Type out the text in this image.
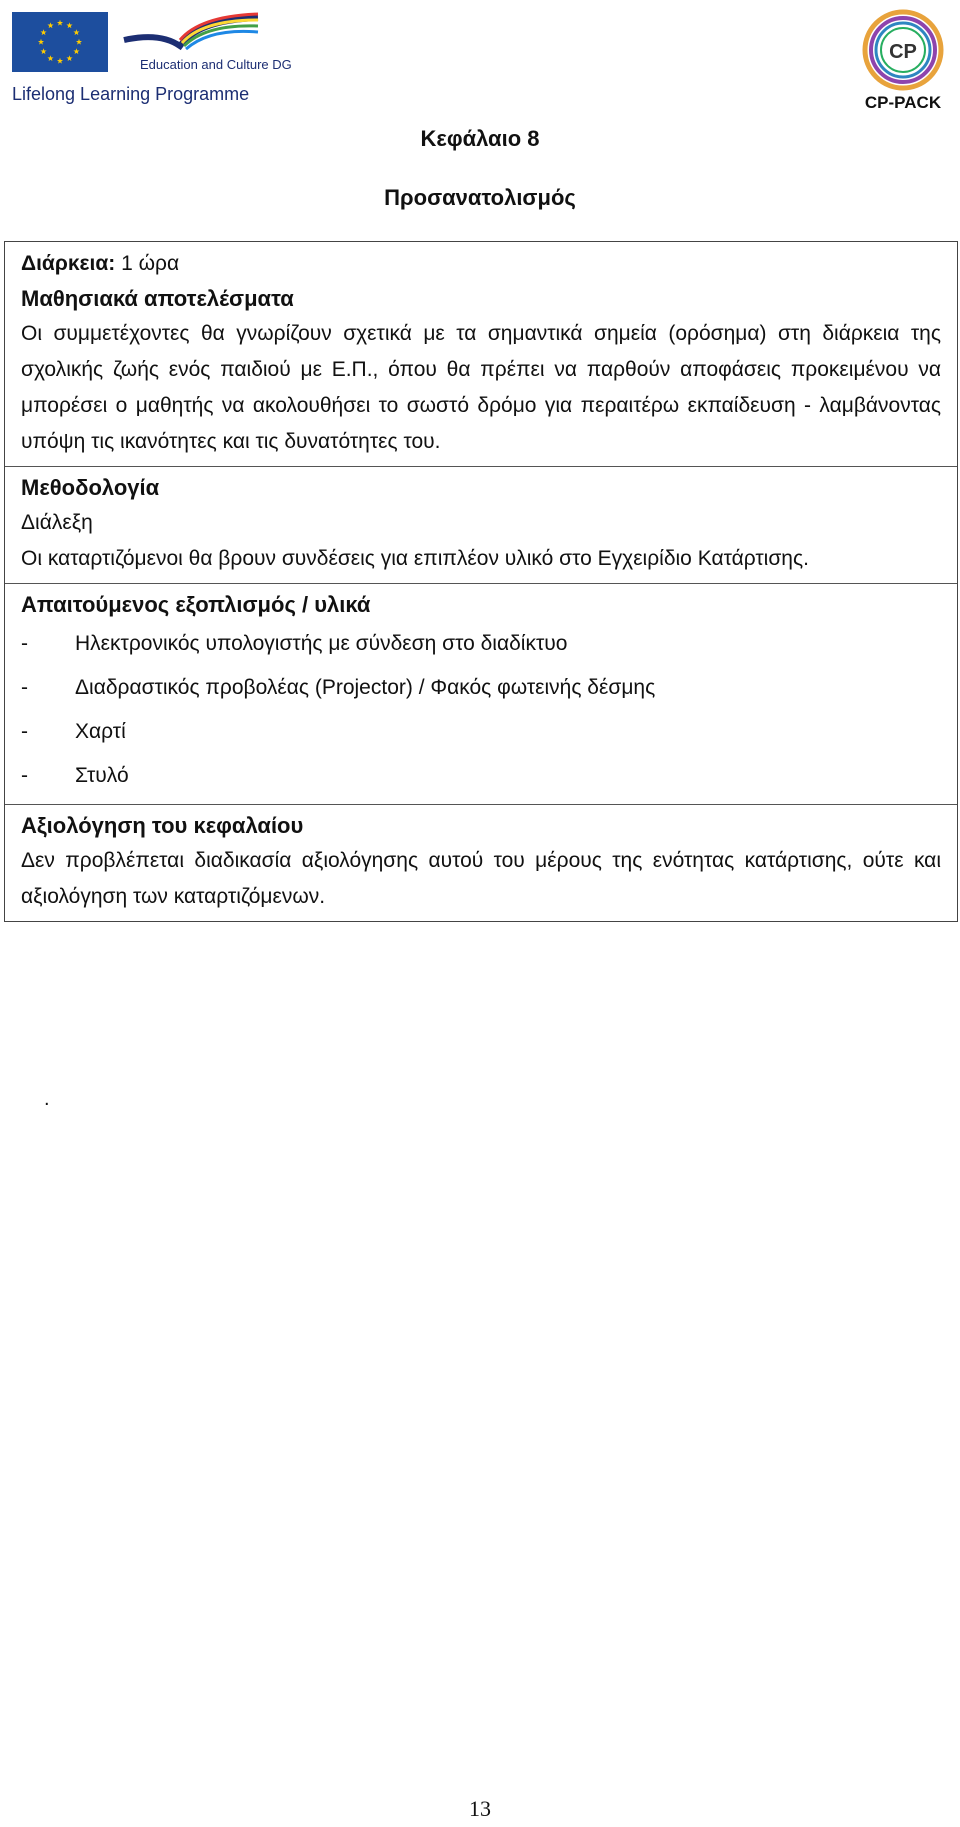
Education and Culture DG
Lifelong Learning Programme
CP
CP-PACK
Κεφάλαιο 8
Προσανατολισμός
Διάρκεια: 1 ώρα
Μαθησιακά αποτελέσματα
Οι συμμετέχοντες θα γνωρίζουν σχετικά με τα σημαντικά σημεία (ορόσημα) στη διάρκεια της σχολικής ζωής ενός παιδιού με Ε.Π., όπου θα πρέπει να παρθούν αποφάσεις προκειμένου να μπορέσει ο μαθητής να ακολουθήσει το σωστό δρόμο για περαιτέρω εκπαίδευση - λαμβάνοντας υπόψη τις ικανότητες και τις δυνατότητες του.
Μεθοδολογία
Διάλεξη
Οι καταρτιζόμενοι θα βρουν συνδέσεις για επιπλέον υλικό στο Εγχειρίδιο Κατάρτισης.
Απαιτούμενος εξοπλισμός / υλικά
-	Ηλεκτρονικός υπολογιστής με σύνδεση στο διαδίκτυο
-	Διαδραστικός προβολέας (Projector) / Φακός φωτεινής δέσμης
-	Χαρτί
-	Στυλό
Αξιολόγηση του κεφαλαίου
Δεν προβλέπεται διαδικασία αξιολόγησης αυτού του μέρους της ενότητας κατάρτισης, ούτε και αξιολόγηση των καταρτιζόμενων.
.
13
